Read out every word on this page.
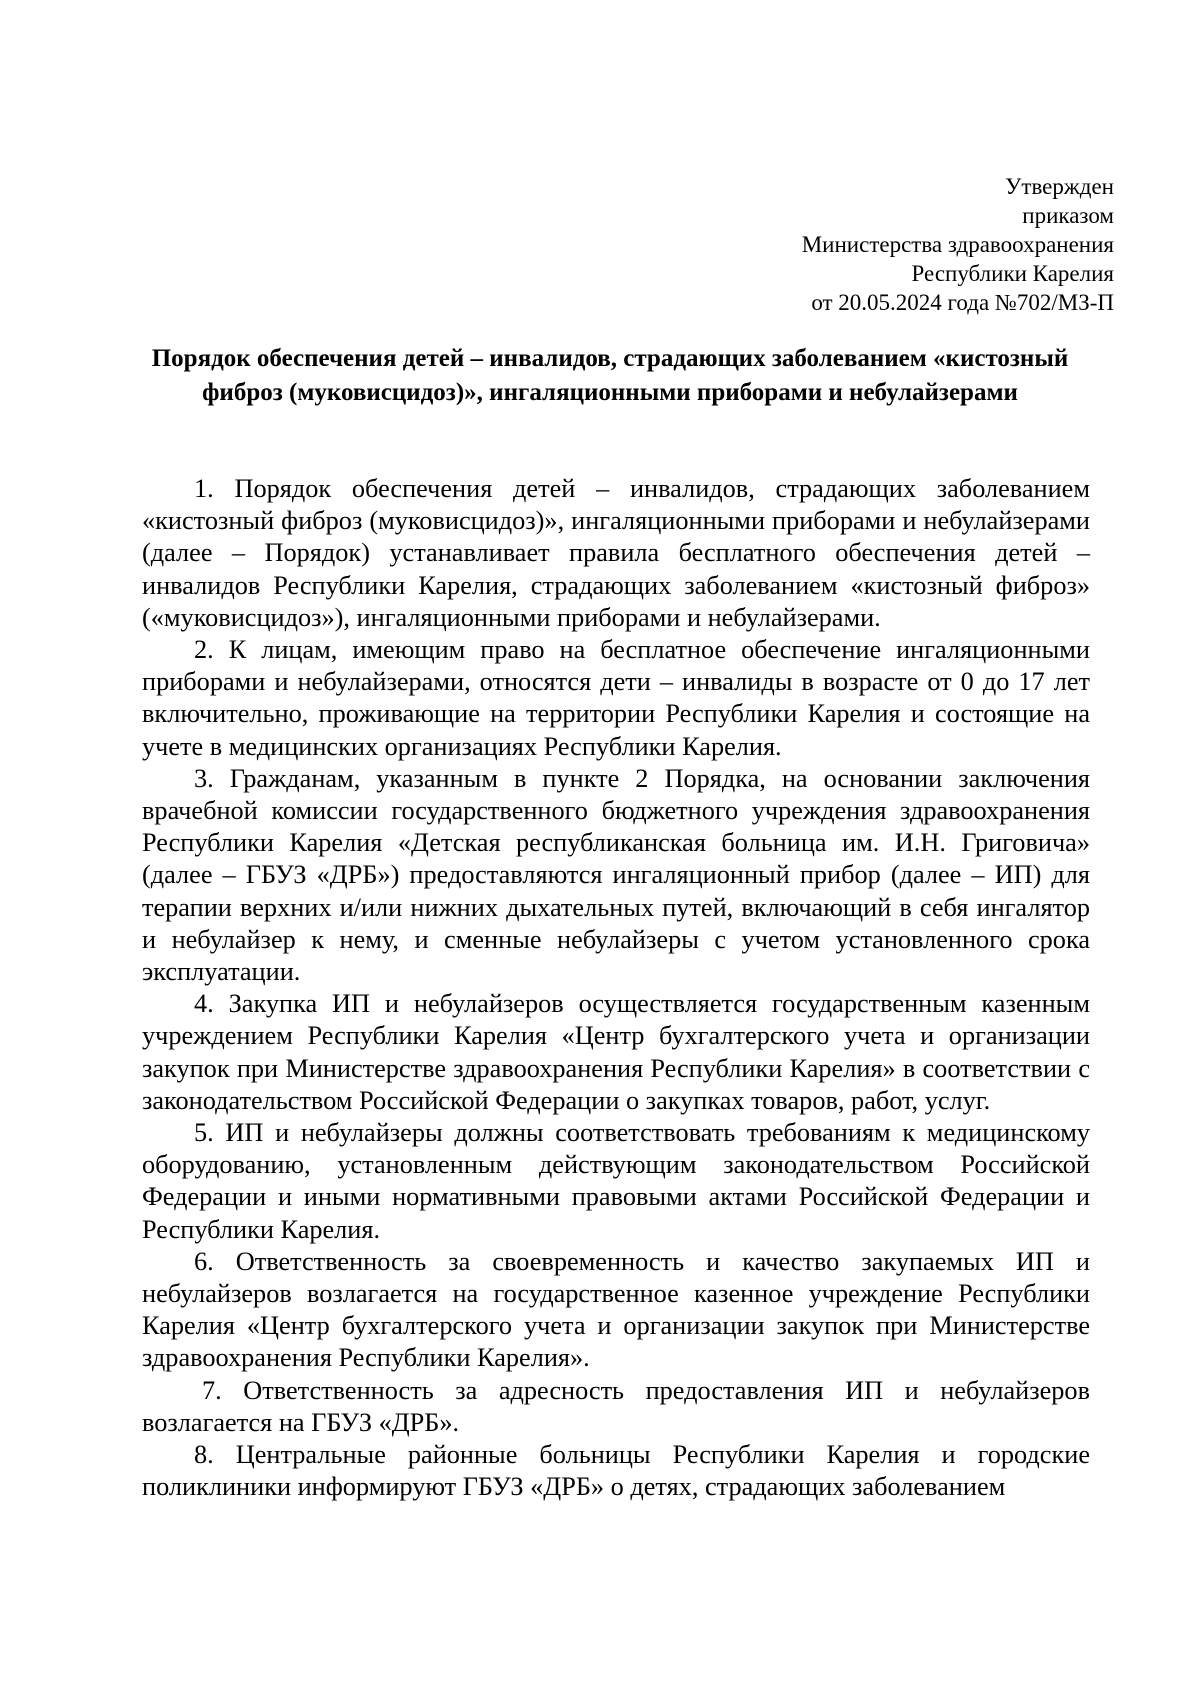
Утвержден
приказом
Министерства здравоохранения
Республики Карелия
от 20.05.2024 года №702/МЗ-П
Порядок обеспечения детей – инвалидов, страдающих заболеванием «кистозный фиброз (муковисцидоз)», ингаляционными приборами и небулайзерами

1. Порядок обеспечения детей – инвалидов, страдающих заболеванием «кистозный фиброз (муковисцидоз)», ингаляционными приборами и небулайзерами (далее – Порядок) устанавливает правила бесплатного обеспечения детей – инвалидов Республики Карелия, страдающих заболеванием «кистозный фиброз» («муковисцидоз»), ингаляционными приборами и небулайзерами.

2. К лицам, имеющим право на бесплатное обеспечение ингаляционными приборами и небулайзерами, относятся дети – инвалиды в возрасте от 0 до 17 лет включительно, проживающие на территории Республики Карелия и состоящие на учете в медицинских организациях Республики Карелия.

3. Гражданам, указанным в пункте 2 Порядка, на основании заключения врачебной комиссии государственного бюджетного учреждения здравоохранения Республики Карелия «Детская республиканская больница им. И.Н. Григовича» (далее – ГБУЗ «ДРБ») предоставляются ингаляционный прибор (далее – ИП) для терапии верхних и/или нижних дыхательных путей, включающий в себя ингалятор и небулайзер к нему, и сменные небулайзеры с учетом установленного срока эксплуатации.

4. Закупка ИП и небулайзеров осуществляется государственным казенным учреждением Республики Карелия «Центр бухгалтерского учета и организации закупок при Министерстве здравоохранения Республики Карелия» в соответствии с законодательством Российской Федерации о закупках товаров, работ, услуг.

5. ИП и небулайзеры должны соответствовать требованиям к медицинскому оборудованию, установленным действующим законодательством Российской Федерации и иными нормативными правовыми актами Российской Федерации и Республики Карелия.

6. Ответственность за своевременность и качество закупаемых ИП и небулайзеров возлагается на государственное казенное учреждение Республики Карелия «Центр бухгалтерского учета и организации закупок при Министерстве здравоохранения Республики Карелия».

7. Ответственность за адресность предоставления ИП и небулайзеров возлагается на ГБУЗ «ДРБ».

8. Центральные районные больницы Республики Карелия и городские поликлиники информируют ГБУЗ «ДРБ» о детях, страдающих заболеванием
